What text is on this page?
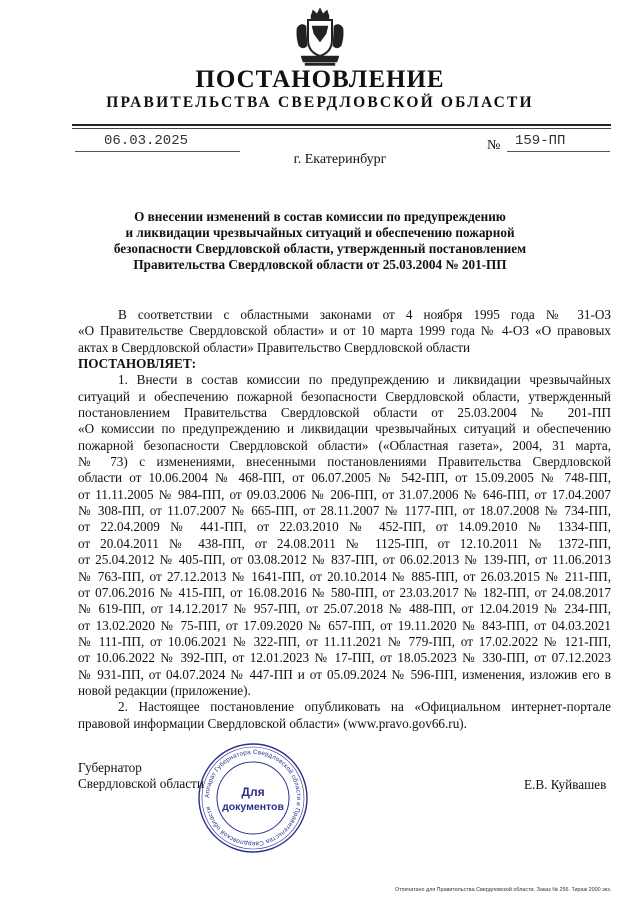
ПОСТАНОВЛЕНИЕ
ПРАВИТЕЛЬСТВА СВЕРДЛОВСКОЙ ОБЛАСТИ
06.03.2025	№ 159-ПП
г. Екатеринбург
О внесении изменений в состав комиссии по предупреждению
и ликвидации чрезвычайных ситуаций и обеспечению пожарной
безопасности Свердловской области, утвержденный постановлением
Правительства Свердловской области от 25.03.2004 № 201-ПП
В соответствии с областными законами от 4 ноября 1995 года № 31-ОЗ
«О Правительстве Свердловской области» и от 10 марта 1999 года № 4-ОЗ «О правовых
актах в Свердловской области» Правительство Свердловской области
ПОСТАНОВЛЯЕТ:
1. Внести в состав комиссии по предупреждению и ликвидации чрезвычайных
ситуаций и обеспечению пожарной безопасности Свердловской области, утвержденный
постановлением Правительства Свердловской области от 25.03.2004 № 201-ПП
«О комиссии по предупреждению и ликвидации чрезвычайных ситуаций и обеспечению
пожарной безопасности Свердловской области» («Областная газета», 2004, 31 марта,
№ 73) с изменениями, внесенными постановлениями Правительства Свердловской
области от 10.06.2004 № 468-ПП, от 06.07.2005 № 542-ПП, от 15.09.2005 № 748-ПП,
от 11.11.2005 № 984-ПП, от 09.03.2006 № 206-ПП, от 31.07.2006 № 646-ПП, от 17.04.2007
№ 308-ПП, от 11.07.2007 № 665-ПП, от 28.11.2007 № 1177-ПП, от 18.07.2008 № 734-ПП,
от 22.04.2009 № 441-ПП, от 22.03.2010 № 452-ПП, от 14.09.2010 № 1334-ПП,
от 20.04.2011 № 438-ПП, от 24.08.2011 № 1125-ПП, от 12.10.2011 № 1372-ПП,
от 25.04.2012 № 405-ПП, от 03.08.2012 № 837-ПП, от 06.02.2013 № 139-ПП, от 11.06.2013
№ 763-ПП, от 27.12.2013 № 1641-ПП, от 20.10.2014 № 885-ПП, от 26.03.2015 № 211-ПП,
от 07.06.2016 № 415-ПП, от 16.08.2016 № 580-ПП, от 23.03.2017 № 182-ПП, от 24.08.2017
№ 619-ПП, от 14.12.2017 № 957-ПП, от 25.07.2018 № 488-ПП, от 12.04.2019 № 234-ПП,
от 13.02.2020 № 75-ПП, от 17.09.2020 № 657-ПП, от 19.11.2020 № 843-ПП, от 04.03.2021
№ 111-ПП, от 10.06.2021 № 322-ПП, от 11.11.2021 № 779-ПП, от 17.02.2022 № 121-ПП,
от 10.06.2022 № 392-ПП, от 12.01.2023 № 17-ПП, от 18.05.2023 № 330-ПП, от 07.12.2023
№ 931-ПП, от 04.07.2024 № 447-ПП и от 05.09.2024 № 596-ПП, изменения, изложив его в
новой редакции (приложение).
2. Настоящее постановление опубликовать на «Официальном интернет-портале
правовой информации Свердловской области» (www.pravo.gov66.ru).
Губернатор
Свердловской области	Е.В. Куйвашев
Аппарат Губернатора Свердловской области и Правительства Свердловской области
Для
документов
Отпечатано для Правительства Свердловской области. Заказ № 256. Тираж 2000 экз.
